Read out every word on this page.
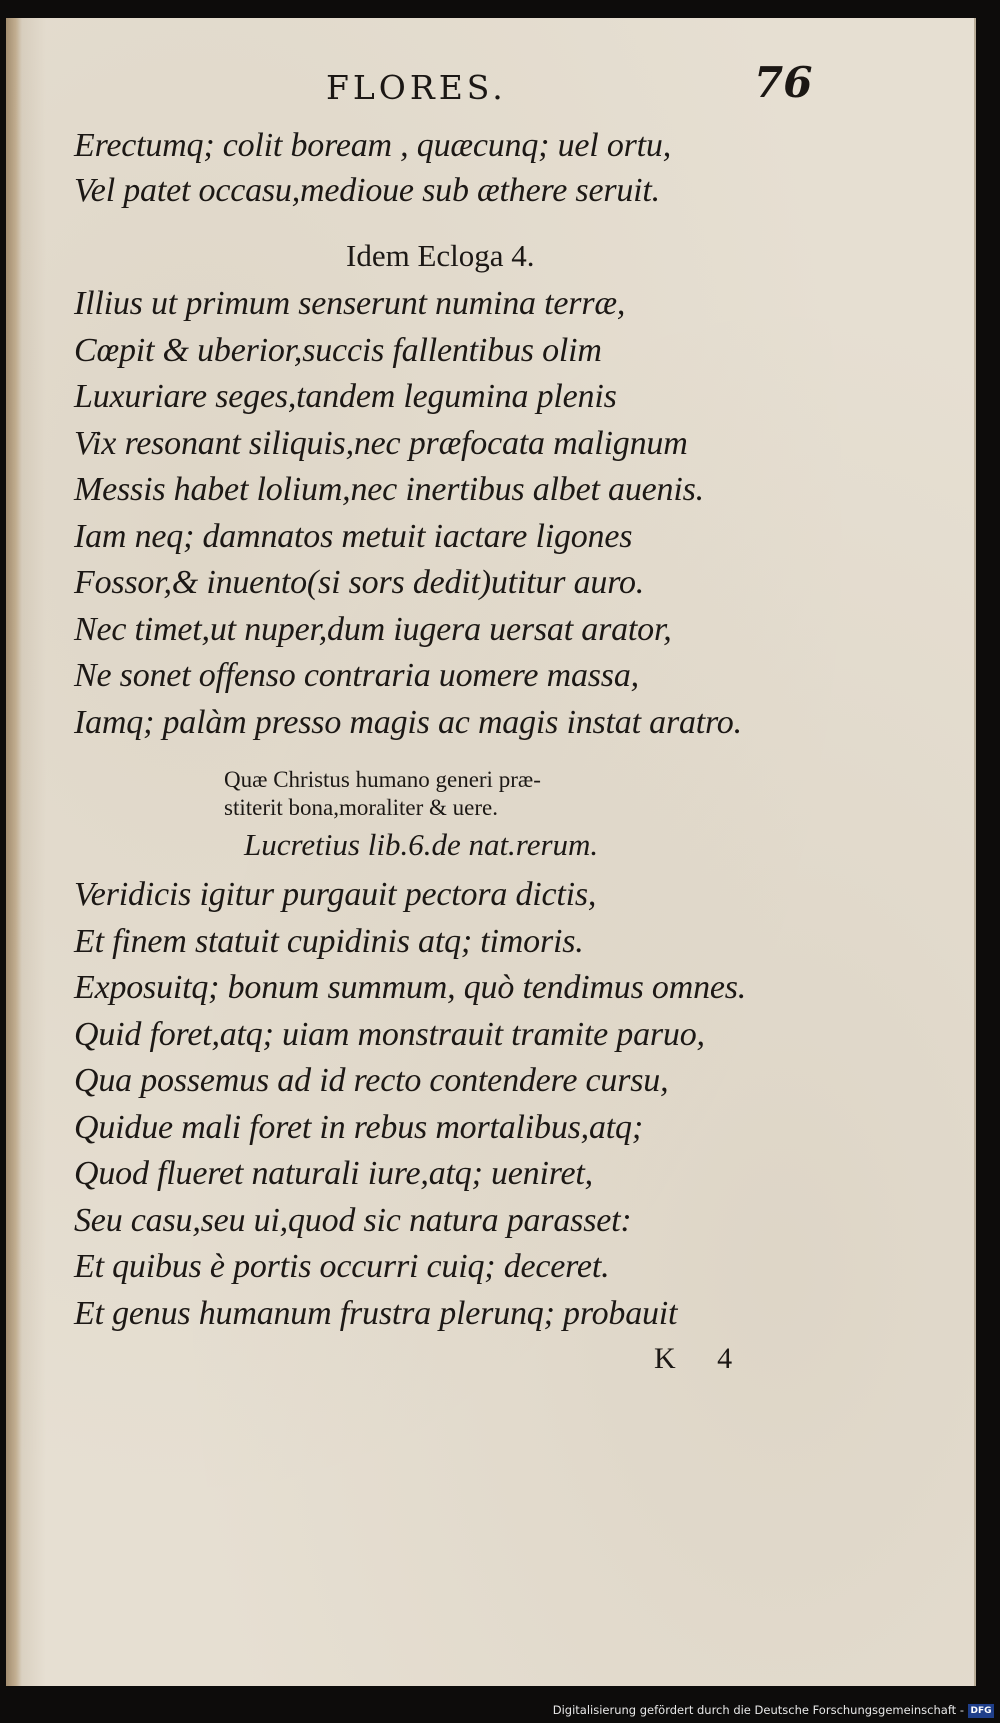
FLORES.	76
Erectumq; colit boream , quæcunq; uel ortu,
Vel patet occasu,medioue sub æthere seruit.
Idem Ecloga 4.
Illius ut primum senserunt numina terræ,
Cœpit & uberior,succis fallentibus olim
Luxuriare seges,tandem legumina plenis
Vix resonant siliquis,nec præfocata malignum
Messis habet lolium,nec inertibus albet auenis.
Iam neq; damnatos metuit iactare ligones
Fossor,& inuento(si sors dedit)utitur auro.
Nec timet,ut nuper,dum iugera uersat arator,
Ne sonet offenso contraria uomere massa,
Iamq; palàm presso magis ac magis instat aratro.
Quæ Christus humano generi præ-
stiterit bona,moraliter & uere.
Lucretius lib.6.de nat.rerum.
Veridicis igitur purgauit pectora dictis,
Et finem statuit cupidinis atq; timoris.
Exposuitq; bonum summum, quò tendimus omnes.
Quid foret,atq; uiam monstrauit tramite paruo,
Qua possemus ad id recto contendere cursu,
Quidue mali foret in rebus mortalibus,atq;
Quod flueret naturali iure,atq; ueniret,
Seu casu,seu ui,quod sic natura parasset:
Et quibus è portis occurri cuiq; deceret.
Et genus humanum frustra plerunq; probauit
K 4
Digitalisierung gefördert durch die Deutsche Forschungsgemeinschaft - DFG
